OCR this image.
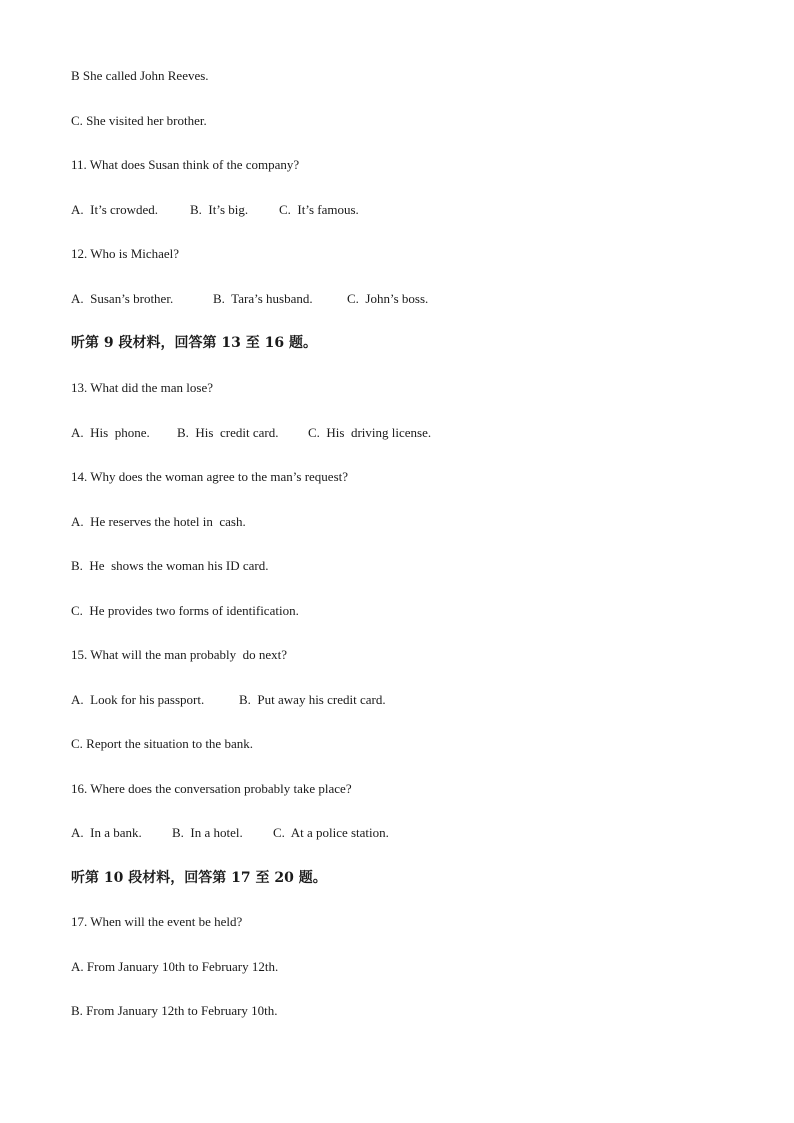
B She called John Reeves.

C. She visited her brother.

11. What does Susan think of the company?

A.  It’s crowded.	B.  It’s big.	C.  It’s famous.

12. Who is Michael?

A.  Susan’s brother.	B.  Tara’s husband.	C.  John’s boss.

听第 9 段材料，回答第 13 至 16 题。

13. What did the man lose?

A.  His  phone.	B.  His  credit card.	C.  His  driving license.

14. Why does the woman agree to the man’s request?

A.  He reserves the hotel in  cash.

B.  He  shows the woman his ID card.

C.  He provides two forms of identification.

15. What will the man probably  do next?

A.  Look for his passport.	B.  Put away his credit card.

C. Report the situation to the bank.

16. Where does the conversation probably take place?

A.  In a bank.	B.  In a hotel.	C.  At a police station.

听第 10 段材料，回答第 17 至 20 题。

17. When will the event be held?

A. From January 10th to February 12th.

B. From January 12th to February 10th.
